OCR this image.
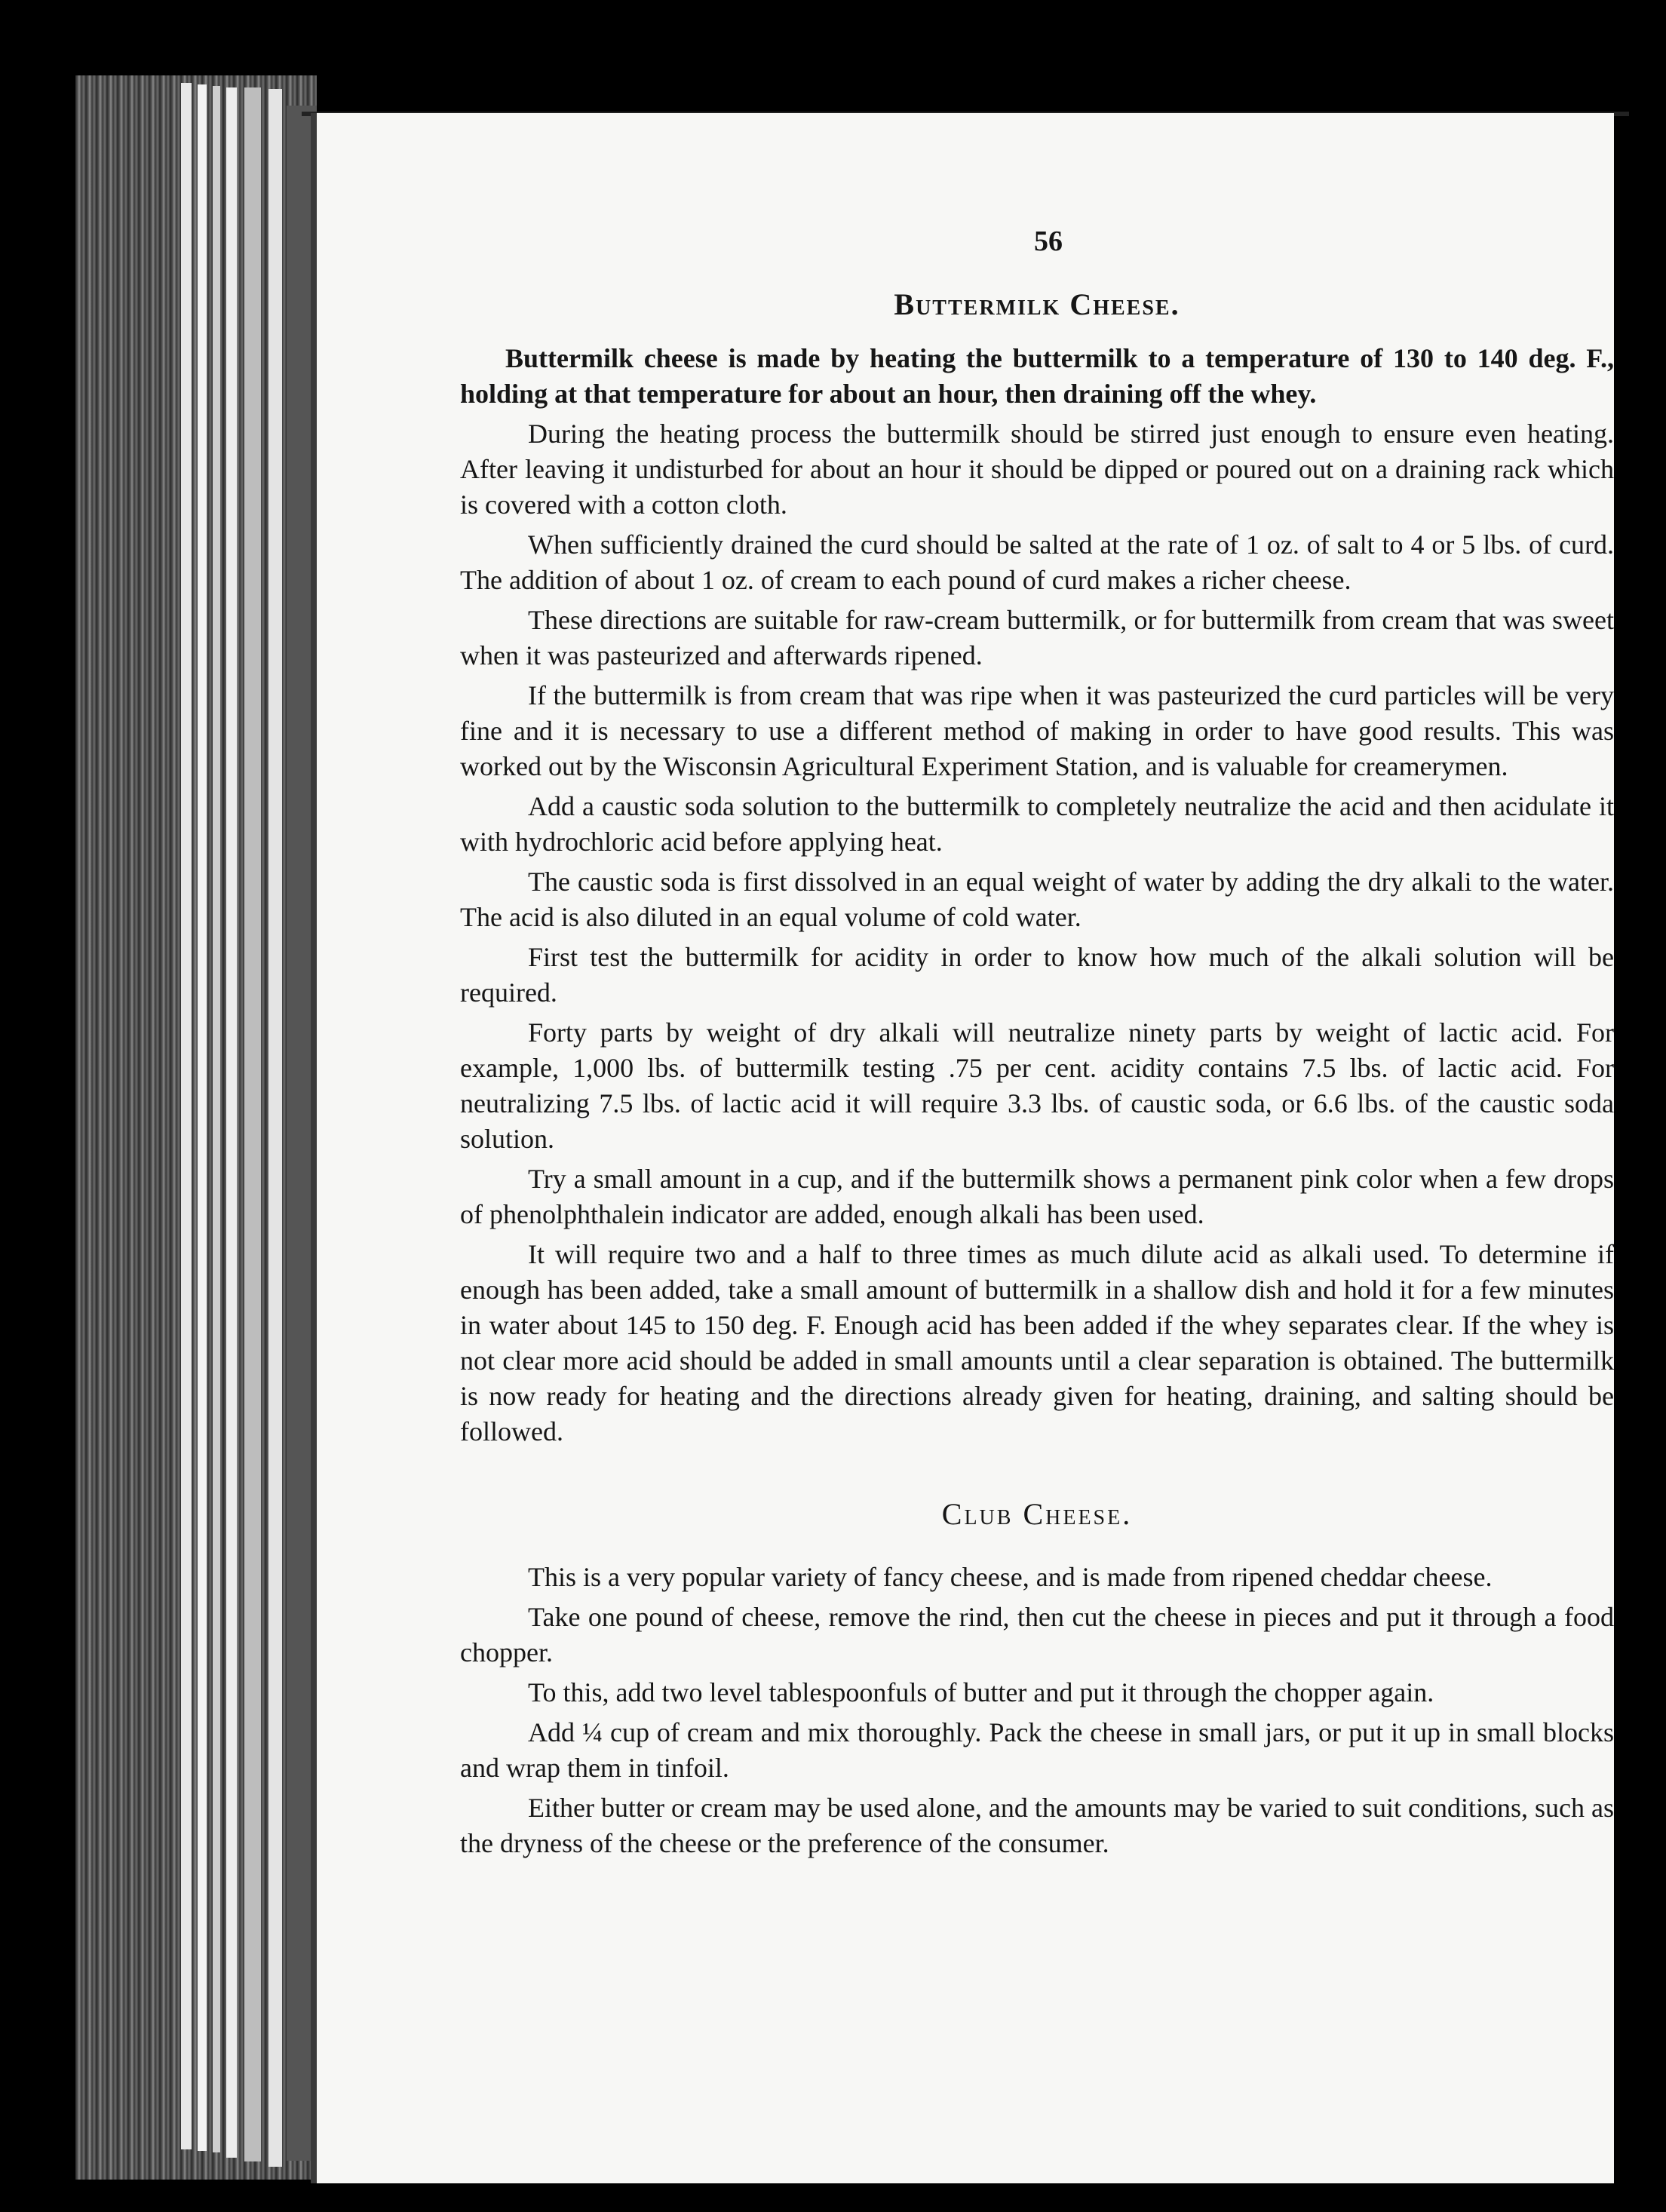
56
Buttermilk Cheese.

Buttermilk cheese is made by heating the buttermilk to a temperature of 130 to 140 deg. F., holding at that temperature for about an hour, then draining off the whey.

During the heating process the buttermilk should be stirred just enough to ensure even heating. After leaving it undisturbed for about an hour it should be dipped or poured out on a draining rack which is covered with a cotton cloth.

When sufficiently drained the curd should be salted at the rate of 1 oz. of salt to 4 or 5 lbs. of curd. The addition of about 1 oz. of cream to each pound of curd makes a richer cheese.

These directions are suitable for raw-cream buttermilk, or for buttermilk from cream that was sweet when it was pasteurized and afterwards ripened.

If the buttermilk is from cream that was ripe when it was pasteurized the curd particles will be very fine and it is necessary to use a different method of making in order to have good results. This was worked out by the Wisconsin Agricultural Experiment Station, and is valuable for creamerymen.

Add a caustic soda solution to the buttermilk to completely neutralize the acid and then acidulate it with hydrochloric acid before applying heat.

The caustic soda is first dissolved in an equal weight of water by adding the dry alkali to the water. The acid is also diluted in an equal volume of cold water.

First test the buttermilk for acidity in order to know how much of the alkali solution will be required.

Forty parts by weight of dry alkali will neutralize ninety parts by weight of lactic acid. For example, 1,000 lbs. of buttermilk testing .75 per cent. acidity contains 7.5 lbs. of lactic acid. For neutralizing 7.5 lbs. of lactic acid it will require 3.3 lbs. of caustic soda, or 6.6 lbs. of the caustic soda solution.

Try a small amount in a cup, and if the buttermilk shows a permanent pink color when a few drops of phenolphthalein indicator are added, enough alkali has been used.

It will require two and a half to three times as much dilute acid as alkali used. To determine if enough has been added, take a small amount of buttermilk in a shallow dish and hold it for a few minutes in water about 145 to 150 deg. F. Enough acid has been added if the whey separates clear. If the whey is not clear more acid should be added in small amounts until a clear separation is obtained. The buttermilk is now ready for heating and the directions already given for heating, draining, and salting should be followed.

Club Cheese.

This is a very popular variety of fancy cheese, and is made from ripened cheddar cheese.

Take one pound of cheese, remove the rind, then cut the cheese in pieces and put it through a food chopper.

To this, add two level tablespoonfuls of butter and put it through the chopper again.

Add ¼ cup of cream and mix thoroughly. Pack the cheese in small jars, or put it up in small blocks and wrap them in tinfoil.

Either butter or cream may be used alone, and the amounts may be varied to suit conditions, such as the dryness of the cheese or the preference of the consumer.
